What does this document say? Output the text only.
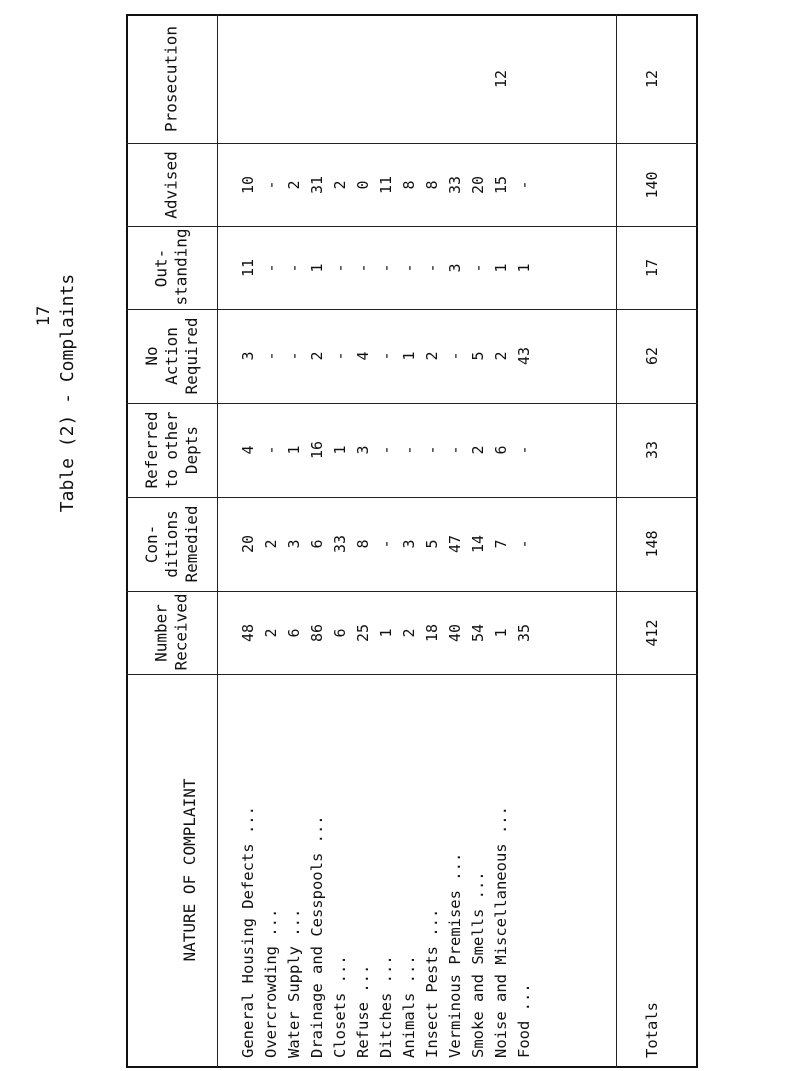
17 Table (2) - Complaints
NATURE OF COMPLAINT
Number Received
Con- ditions Remedied
Referred to other Depts
No Action Required
Out- standing
Advised
Prosecution
General Housing Defects ... Overcrowding ... Water Supply ... Drainage and Cesspools ... Closets ... Refuse ... Ditches ... Animals ... Insect Pests ... Verminous Premises ... Smoke and Smells ... Noise and Miscellaneous ... Food ...	Totals
48
20
4
3
11
10
2
2
-
-
-
-
6
3
1
-
-
2
86
6
16
2
1
31
6
33
1
-
-
2
25
8
3
4
-
0
1
-
-
-
-
11
2
3
-
1
-
8
18
5
-
2
-
8
40
47
-
-
3
33
54
14
2
5
-
20
1
7
6
2
1
15
12
35
-
-
43
1
-
412
148
33
62
17
140
12
